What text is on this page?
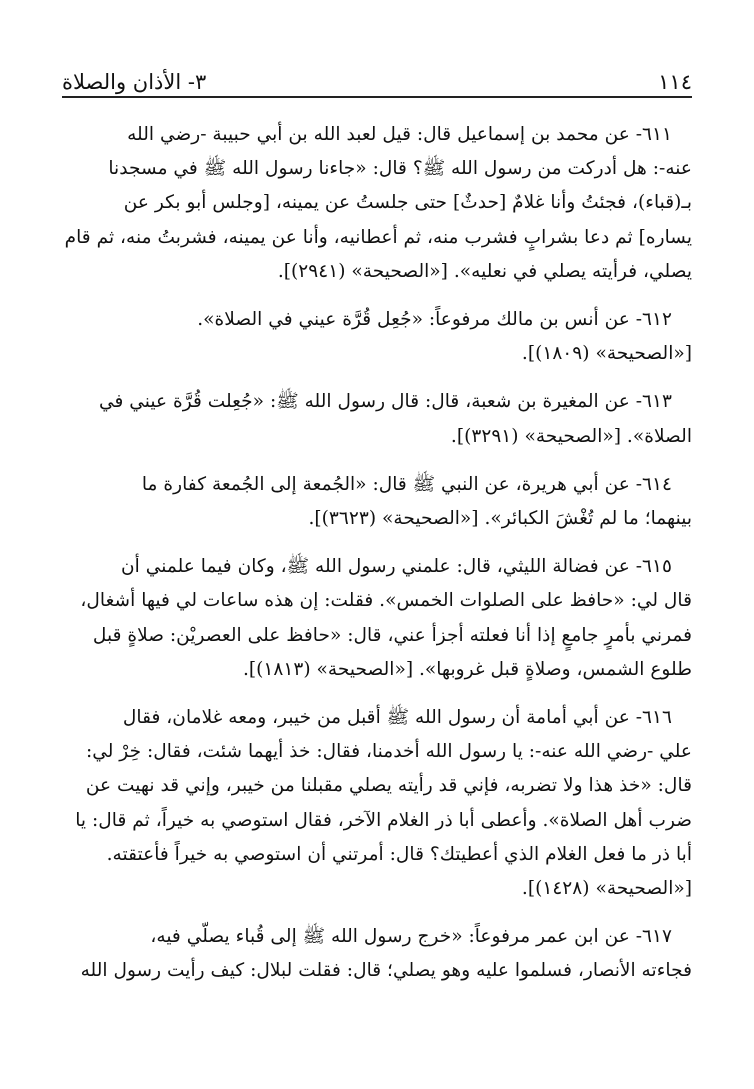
٣- الأذان والصلاة	١١٤

٦١١- عن محمد بن إسماعيل قال: قيل لعبد الله بن أبي حبيبة -رضي الله
عنه-: هل أدركت من رسول الله ﷺ؟ قال: «جاءنا رسول الله ﷺ في مسجدنا
بـ(قباء)، فجئتُ وأنا غلامٌ [حدثٌ] حتى جلستُ عن يمينه، [وجلس أبو بكر عن
يساره] ثم دعا بشرابٍ فشرب منه، ثم أعطانيه، وأنا عن يمينه، فشربتُ منه، ثم قام
يصلي، فرأيته يصلي في نعليه». [«الصحيحة» (٢٩٤١)].

٦١٢- عن أنس بن مالك مرفوعاً: «جُعِل قُرَّة عيني في الصلاة».
[«الصحيحة» (١٨٠٩)].

٦١٣- عن المغيرة بن شعبة، قال: قال رسول الله ﷺ: «جُعِلت قُرَّة عيني في
الصلاة». [«الصحيحة» (٣٢٩١)].

٦١٤- عن أبي هريرة، عن النبي ﷺ قال: «الجُمعة إلى الجُمعة كفارة ما
بينهما؛ ما لم تُغْشَ الكبائر». [«الصحيحة» (٣٦٢٣)].

٦١٥- عن فضالة الليثي، قال: علمني رسول الله ﷺ، وكان فيما علمني أن
قال لي: «حافظ على الصلوات الخمس». فقلت: إن هذه ساعات لي فيها أشغال،
فمرني بأمرٍ جامعٍ إذا أنا فعلته أجزأ عني، قال: «حافظ على العصريْن: صلاةٍ قبل
طلوع الشمس، وصلاةٍ قبل غروبها». [«الصحيحة» (١٨١٣)].

٦١٦- عن أبي أمامة أن رسول الله ﷺ أقبل من خيبر، ومعه غلامان، فقال
علي -رضي الله عنه-: يا رسول الله أخدمنا، فقال: خذ أيهما شئت، فقال: خِرْ لي:
قال: «خذ هذا ولا تضربه، فإني قد رأيته يصلي مقبلنا من خيبر، وإني قد نهيت عن
ضرب أهل الصلاة». وأعطى أبا ذر الغلام الآخر، فقال استوصي به خيراً، ثم قال: يا
أبا ذر ما فعل الغلام الذي أعطيتك؟ قال: أمرتني أن استوصي به خيراً فأعتقته.
[«الصحيحة» (١٤٢٨)].

٦١٧- عن ابن عمر مرفوعاً: «خرج رسول الله ﷺ إلى قُباء يصلّي فيه،
فجاءته الأنصار، فسلموا عليه وهو يصلي؛ قال: فقلت لبلال: كيف رأيت رسول الله
